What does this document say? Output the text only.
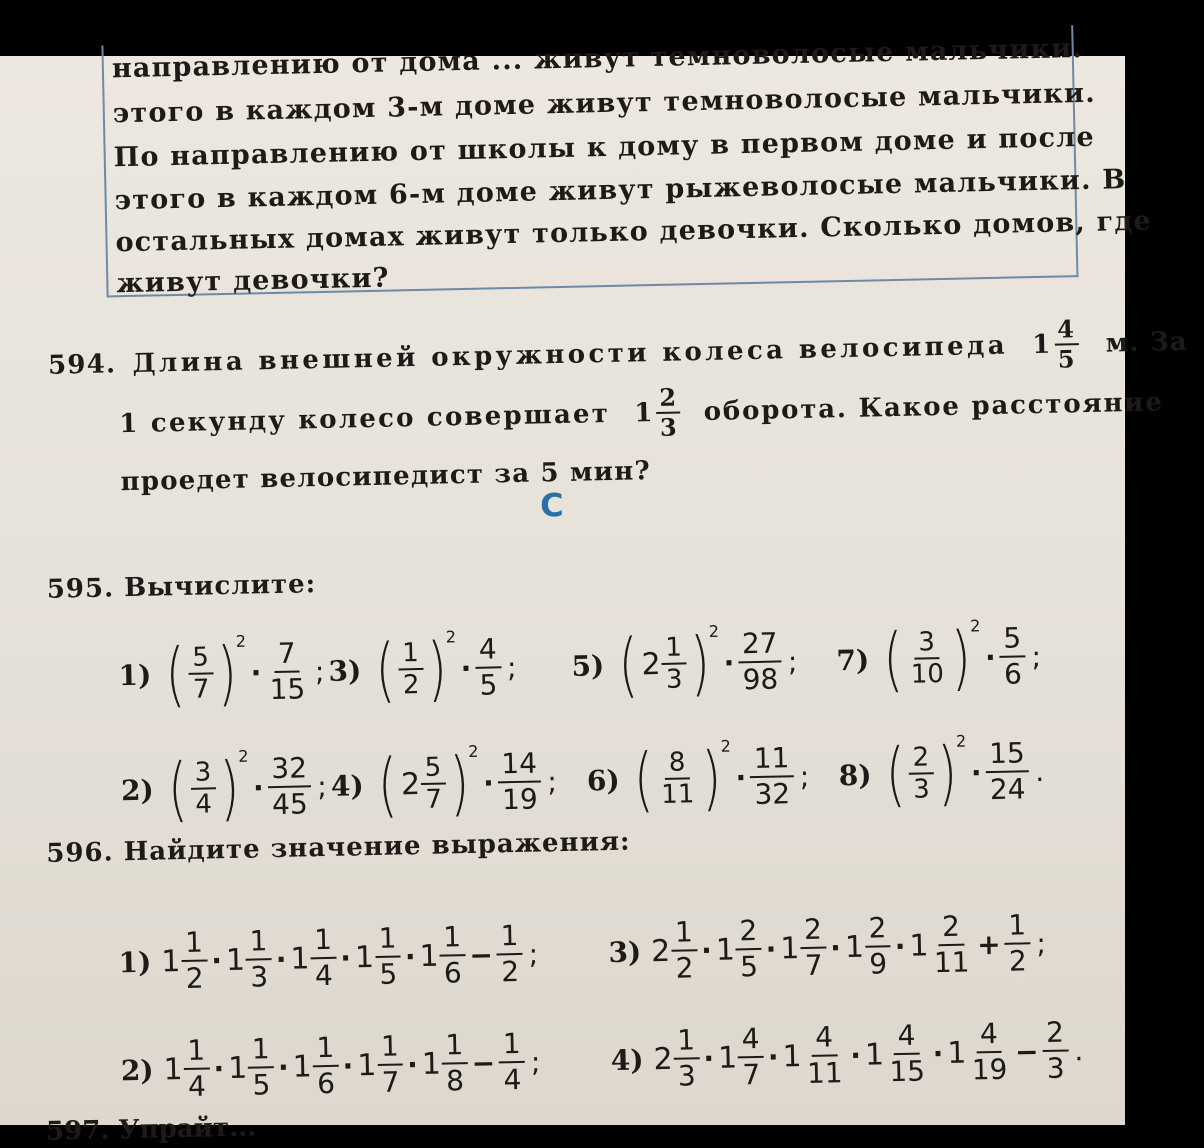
направлению от дома ... живут темноволосые мальчики.
этого в каждом 3-м доме живут темноволосые мальчики.
По направлению от школы к дому в первом доме и после
этого в каждом 6-м доме живут рыжеволосые мальчики. В
остальных домах живут только девочки. Сколько домов, где
живут девочки?
594. Длина внешней окружности колеса велосипеда $1 \frac{4}{5} м$. За
1 секунду колесо совершает $1 \frac{2}{3}$ оборота. Какое расстояние
проедет велосипедист за 5 мин?
С
595. Вычислите:
1) ( $\frac{5}{7}$ )
2
· $\frac{7}{15}$ ; 3) ( $\frac{1}{2}$ )
2
· $\frac{4}{5}$ ; 5) ( $2 \frac{1}{3}$ )
2
· $\frac{27}{98}$ ; 7) ( $\frac{3}{10}$ )
2
· $\frac{5}{6}$ ;
2) ( $\frac{3}{4}$ )
2
· $\frac{32}{45}$ ; 4) ( $2 \frac{5}{7}$ )
2
· $\frac{14}{19}$ ; 6) ( $\frac{8}{11}$ )
2
· $\frac{11}{32}$ ; 8) ( $\frac{2}{3}$ )
2
· $\frac{15}{24}$ .
596. Найдите значение выражения:
1) $1 \frac{1}{2} \cdot 1 \frac{1}{3} \cdot 1 \frac{1}{4} \cdot 1 \frac{1}{5} \cdot 1 \frac{1}{6} - \frac{1}{2}$ ;
2) $1 \frac{1}{4} \cdot 1 \frac{1}{5} \cdot 1 \frac{1}{6} \cdot 1 \frac{1}{7} \cdot 1 \frac{1}{8} - \frac{1}{4}$ ;
3) $2 \frac{1}{2} \cdot 1 \frac{2}{5} \cdot 1 \frac{2}{7} \cdot 1 \frac{2}{9} \cdot 1 \frac{2}{11} + \frac{1}{2}$ ;
4) $2 \frac{1}{3} \cdot 1 \frac{4}{7} \cdot 1 \frac{4}{11} \cdot 1 \frac{4}{15} \cdot 1 \frac{4}{19} - \frac{2}{3}$ .
597. Упрайт...
